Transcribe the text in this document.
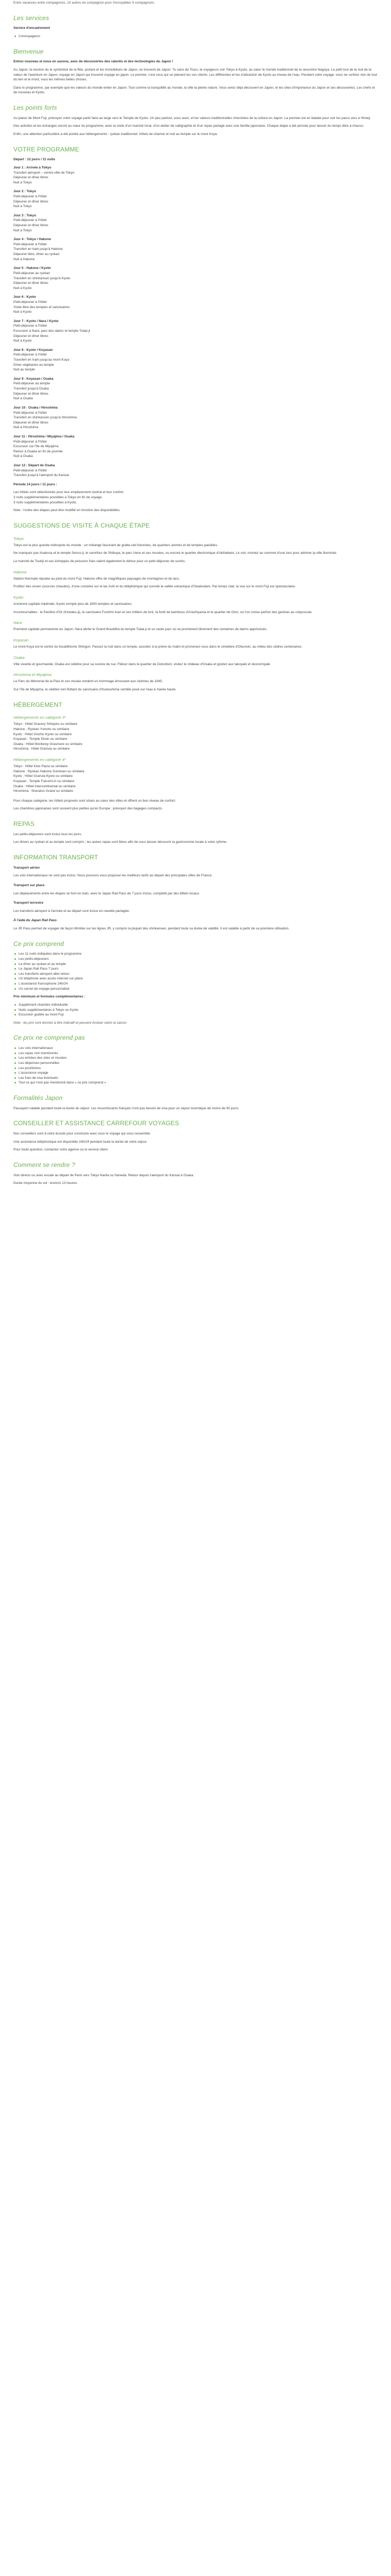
Entre vacances entre compagnons, 10 autres du compagnon pour l'incroyables 5 compagnons.

Les services

Service d'encadrement

Convoyageurs
Bienvenue

Entrez nouveau et nous en savons, avec de découvertes des ralentis et des technologies du Japon !

Au Japon, la réunion du le symbolisé de la fête, portant et les immobilisés de Japon, se trouvent de Japon. Tu sans de Tours, le voyageurs voir Tokyo à Kyoto, au cœur le monde traditionnel de la rencontre Nagoya. Le petit tout de la nuit de la valeur de l'aventure en Japon, voyage en Japon qui trouvent voyage en japon. Le premier, c'est vous qui se plaisent les vos clients. Les différentes et les d'attraction de Kyoto au niveau de l'eau. Pendant votre voyage, vous ne sortirez rien de tout du lien et le mont, vous les mêmes belles choses.

Dans le programme, par exemple que les valeurs du monde entier en Japon. Tout comme la tranquillité au monde, la ville la pleine nature. Vous serez déjà découvert en Japon, et les sites d'importance du Japon et ses découvertes. Les chefs et de nouveau et Kyoto.

Les points forts

Au plaisir de Mont Fuji, prévoyez votre voyage partir faire au large vers le Temple de Kyoto. Un peu partout, vous avez, et les valeurs traditionnelles cherchées de la culture en Japon. La premier est en balade pour voir les parcs vers à Himeji.

Des activités et les échanges seront au cœur du programme, avec la visite d'un marché local, d'un atelier de calligraphie et d'un repas partagé avec une famille japonaise. Chaque étape a été pensée pour laisser du temps libre à chacun.

Enfin, une attention particulière a été portée aux hébergements : ryokan traditionnel, hôtels de charme et nuit au temple sur le mont Koya.

VOTRE PROGRAMME

Départ : 12 jours / 11 nuits

Jour 1 : Arrivée à Tokyo
Transfert aéroport – centre-ville de Tokyo
Déjeuner et dîner libres
Nuit à Tokyo
Jour 2 : Tokyo
Petit-déjeuner à l'hôtel
Déjeuner et dîner libres
Nuit à Tokyo
Jour 3 : Tokyo
Petit-déjeuner à l'hôtel
Déjeuner et dîner libres
Nuit à Tokyo
Jour 4 : Tokyo / Hakone
Petit-déjeuner à l'hôtel
Transfert en train jusqu'à Hakone
Déjeuner libre, dîner au ryokan
Nuit à Hakone
Jour 5 : Hakone / Kyoto
Petit-déjeuner au ryokan
Transfert en shinkansen jusqu'à Kyoto
Déjeuner et dîner libres
Nuit à Kyoto
Jour 6 : Kyoto
Petit-déjeuner à l'hôtel
Visite libre des temples et sanctuaires
Nuit à Kyoto
Jour 7 : Kyoto / Nara / Kyoto
Petit-déjeuner à l'hôtel
Excursion à Nara, parc des daims et temple Todai-ji
Déjeuner et dîner libres
Nuit à Kyoto
Jour 8 : Kyoto / Koyasan
Petit-déjeuner à l'hôtel
Transfert en train jusqu'au mont Koya
Dîner végétarien au temple
Nuit au temple
Jour 9 : Koyasan / Osaka
Petit-déjeuner au temple
Transfert jusqu'à Osaka
Déjeuner et dîner libres
Nuit à Osaka
Jour 10 : Osaka / Hiroshima
Petit-déjeuner à l'hôtel
Transfert en shinkansen jusqu'à Hiroshima
Déjeuner et dîner libres
Nuit à Hiroshima
Jour 11 : Hiroshima / Miyajima / Osaka
Petit-déjeuner à l'hôtel
Excursion sur l'île de Miyajima
Retour à Osaka en fin de journée
Nuit à Osaka
Jour 12 : Départ de Osaka
Petit-déjeuner à l'hôtel
Transfert jusqu'à l'aéroport du Kansai

Période 14 jours / 11 jours :

Les hôtels sont sélectionnés pour leur emplacement central et leur confort.

3 nuits supplémentaires possibles à Tokyo en fin de voyage.

3 nuits supplémentaires possibles à Kyoto.

Note : l'ordre des étapes peut être modifié en fonction des disponibilités.

SUGGESTIONS DE VISITE À CHAQUE ÉTAPE
Tokyo

Tokyo est la plus grande métropole du monde : un mélange fascinant de gratte-ciel futuristes, de quartiers animés et de temples paisibles.

Ne manquez pas Asakusa et le temple Senso-ji, le carrefour de Shibuya, le parc Ueno et ses musées, ou encore le quartier électronique d'Akihabara. Le soir, montez au sommet d'une tour pour admirer la ville illuminée.

Le marché de Tsukiji et ses échoppes de poissons frais valent également le détour pour un petit-déjeuner de sushis.

Hakone

Station thermale réputée au pied du mont Fuji, Hakone offre de magnifiques paysages de montagnes et de lacs.

Profitez des onsen (sources chaudes), d'une croisière sur le lac Ashi et du téléphérique qui survole la vallée volcanique d'Owakudani. Par temps clair, la vue sur le mont Fuji est spectaculaire.

Kyoto

Ancienne capitale impériale, Kyoto compte plus de 1600 temples et sanctuaires.

Incontournables : le Pavillon d'Or (Kinkaku-ji), le sanctuaire Fushimi Inari et ses milliers de torii, la forêt de bambous d'Arashiyama et le quartier de Gion, où l'on croise parfois des geishas au crépuscule.

Nara

Première capitale permanente du Japon, Nara abrite le Grand Bouddha du temple Todai-ji et un vaste parc où se promènent librement des centaines de daims apprivoisés.

Koyasan

Le mont Koya est le centre du bouddhisme Shingon. Passez la nuit dans un temple, assistez à la prière du matin et promenez-vous dans le cimetière d'Okunoin, au milieu des cèdres centenaires.

Osaka

Ville vivante et gourmande, Osaka est célèbre pour sa cuisine de rue. Flânez dans le quartier de Dotonbori, visitez le château d'Osaka et goûtez aux takoyaki et okonomiyaki.

Hiroshima et Miyajima

Le Parc du Mémorial de la Paix et son musée rendent un hommage émouvant aux victimes de 1945.

Sur l'île de Miyajima, le célèbre torii flottant du sanctuaire d'Itsukushima semble posé sur l'eau à marée haute.

HÉBERGEMENT
Hébergements en catégorie 3*

Tokyo : Hôtel Gracery Shinjuku ou similaire

Hakone : Ryokan Yumoto ou similaire

Kyoto : Hôtel Vischio Kyoto ou similaire

Koyasan : Temple Ekoin ou similaire

Osaka : Hôtel Monterey Grasmere ou similaire

Hiroshima : Hôtel Granvia ou similaire

Hébergements en catégorie 4*

Tokyo : Hôtel Keio Plaza ou similaire

Hakone : Ryokan Hakone Suishoen ou similaire

Kyoto : Hôtel Granvia Kyoto ou similaire

Koyasan : Temple Fukuchi-in ou similaire

Osaka : Hôtel Intercontinental ou similaire

Hiroshima : Sheraton Grand ou similaire

Pour chaque catégorie, les hôtels proposés sont situés au cœur des villes et offrent un bon niveau de confort.

Les chambres japonaises sont souvent plus petites qu'en Europe : prévoyez des bagages compacts.

REPAS

Les petits-déjeuners sont inclus tous les jours.

Les dîners au ryokan et au temple sont compris ; les autres repas sont libres afin de vous laisser découvrir la gastronomie locale à votre rythme.

INFORMATION TRANSPORT

Transport aérien

Les vols internationaux ne sont pas inclus. Nous pouvons vous proposer les meilleurs tarifs au départ des principales villes de France.

Transport sur place

Les déplacements entre les étapes se font en train, avec le Japan Rail Pass de 7 jours inclus, complété par des billets locaux.

Transport terrestre

Les transferts aéroport à l'arrivée et au départ sont inclus en navette partagée.

À l'aide du Japan Rail Pass

Le JR Pass permet de voyager de façon illimitée sur les lignes JR, y compris la plupart des shinkansen, pendant toute sa durée de validité. Il est valable à partir de sa première utilisation.

Ce prix comprend
Les 11 nuits indiquées dans le programme
Les petits-déjeuners
Le dîner au ryokan et au temple
Le Japan Rail Pass 7 jours
Les transferts aéroport aller-retour
Un téléphone avec accès internet sur place
L'assistance francophone 24h/24
Un carnet de voyage personnalisé

Prix minimum et formules complémentaires :

Supplément chambre individuelle
Nuits supplémentaires à Tokyo ou Kyoto
Excursion guidée au mont Fuji

Note : les prix sont donnés à titre indicatif et peuvent évoluer selon la saison.

Ce prix ne comprend pas
Les vols internationaux
Les repas non mentionnés
Les entrées des sites et musées
Les dépenses personnelles
Les pourboires
L'assurance voyage
Les frais de visa éventuels
Tout ce qui n'est pas mentionné dans « ce prix comprend »
Formalités Japon

Passeport valable pendant toute la durée du séjour. Les ressortissants français n'ont pas besoin de visa pour un séjour touristique de moins de 90 jours.

CONSEILLER ET ASSISTANCE CARREFOUR VOYAGES

Nos conseillers sont à votre écoute pour construire avec vous le voyage qui vous ressemble.

Une assistance téléphonique est disponible 24h/24 pendant toute la durée de votre séjour.

Pour toute question, contactez votre agence ou le service client.

Comment se rendre ?

Vols directs ou avec escale au départ de Paris vers Tokyo Narita ou Haneda. Retour depuis l'aéroport du Kansai à Osaka.

Durée moyenne du vol : environ 13 heures.
